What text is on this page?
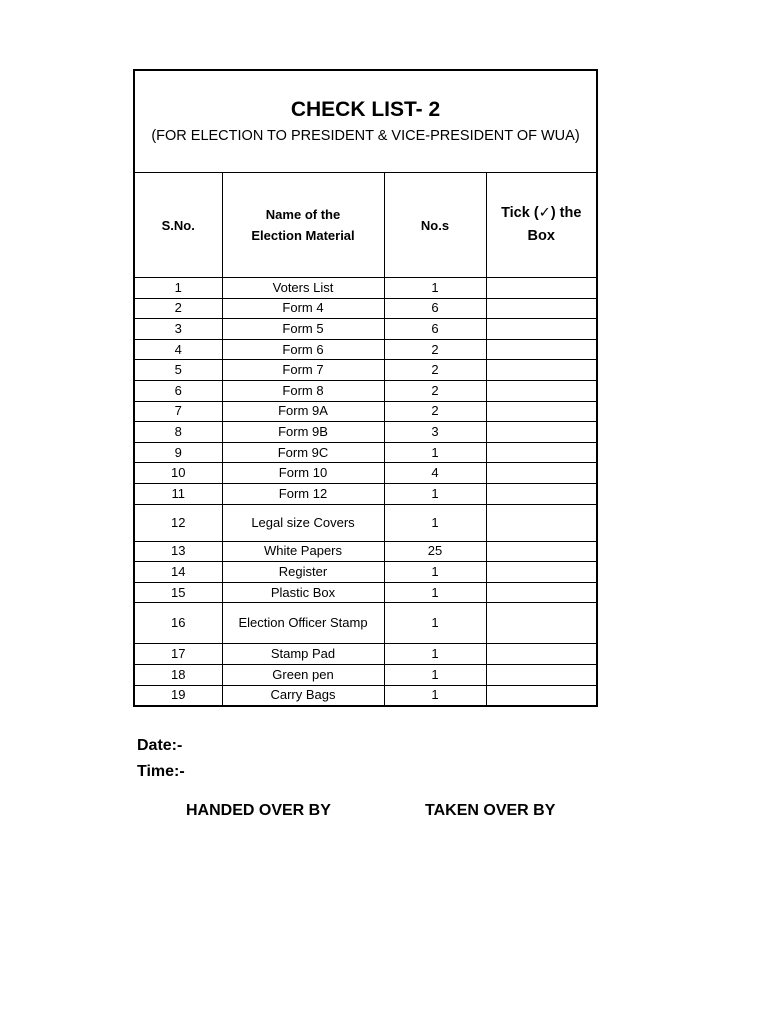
CHECK LIST- 2
(FOR ELECTION TO PRESIDENT & VICE-PRESIDENT OF WUA)
S.No.	Name of the Election Material	No.s	Tick (✓) the Box
1	Voters List	1	
2	Form 4	6	
3	Form 5	6	
4	Form 6	2	
5	Form 7	2	
6	Form 8	2	
7	Form 9A	2	
8	Form 9B	3	
9	Form 9C	1	
10	Form 10	4	
11	Form 12	1	
12	Legal size Covers	1	
13	White Papers	25	
14	Register	1	
15	Plastic Box	1	
16	Election Officer Stamp	1	
17	Stamp Pad	1	
18	Green pen	1	
19	Carry Bags	1	
Date:-
Time:-
HANDED OVER BY	TAKEN OVER BY
